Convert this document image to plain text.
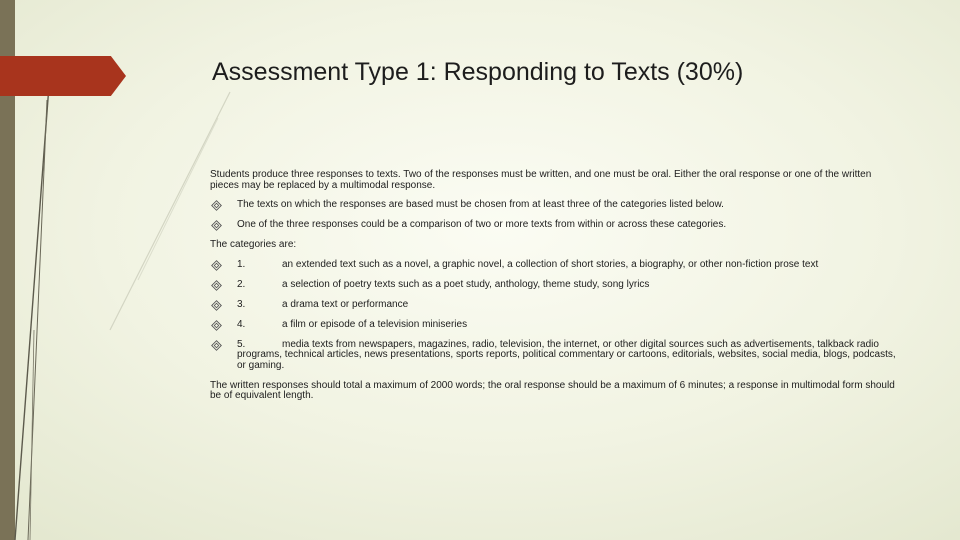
Assessment Type 1: Responding to Texts (30%)

Students produce three responses to texts. Two of the responses must be written, and one must be oral. Either the oral response or one of the written pieces may be replaced by a multimodal response.

The texts on which the responses are based must be chosen from at least three of the categories listed below.
One of the three responses could be a comparison of two or more texts from within or across these categories.

The categories are:

1.	an extended text such as a novel, a graphic novel, a collection of short stories, a biography, or other non-fiction prose text
2.	a selection of poetry texts such as a poet study, anthology, theme study, song lyrics
3.	a drama text or performance
4.	a film or episode of a television miniseries
5.	media texts from newspapers, magazines, radio, television, the internet, or other digital sources such as advertisements, talkback radio programs, technical articles, news presentations, sports reports, political commentary or cartoons, editorials, websites, social media, blogs, podcasts, or gaming.

The written responses should total a maximum of 2000 words; the oral response should be a maximum of 6 minutes; a response in multimodal form should be of equivalent length.
